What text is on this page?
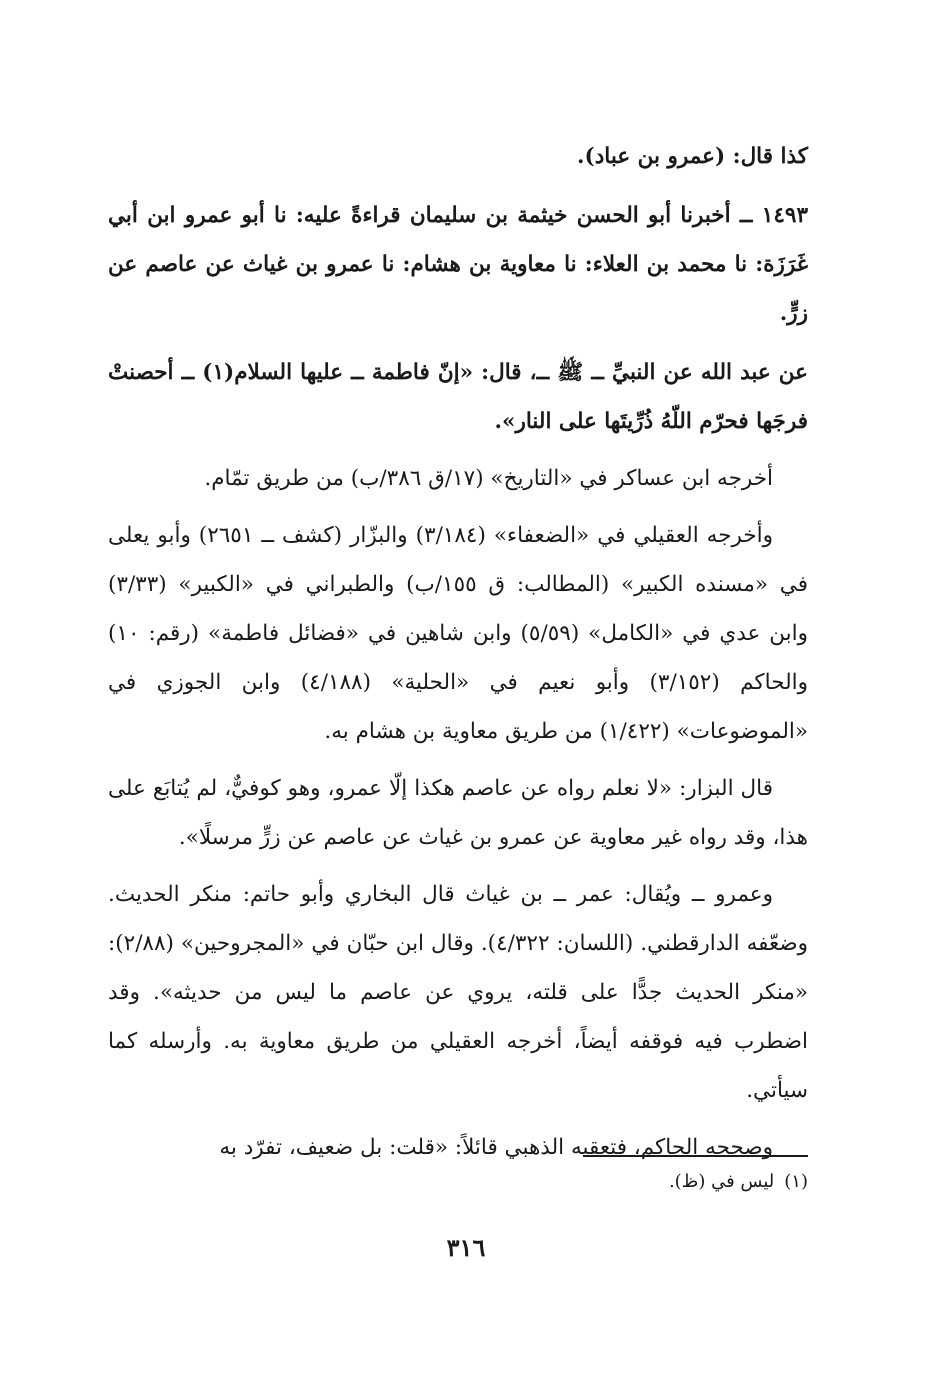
كذا قال: (عمرو بن عباد).

١٤٩٣ ــ أخبرنا أبو الحسن خيثمة بن سليمان قراءةً عليه: نا أبو عمرو ابن أبي غَرَزَة: نا محمد بن العلاء: نا معاوية بن هشام: نا عمرو بن غياث عن عاصم عن زرٍّ.

عن عبد الله عن النبيِّ ــ ﷺ ــ، قال: «إنّ فاطمة ــ عليها السلام(١) ــ أحصنتْ فرجَها فحرّم اللّهُ ذُرِّيتَها على النار».

أخرجه ابن عساكر في «التاريخ» (١٧/ق ٣٨٦/ب) من طريق تمّام.

وأخرجه العقيلي في «الضعفاء» (٣/١٨٤) والبزّار (كشف ــ ٢٦٥١) وأبو يعلى في «مسنده الكبير» (المطالب: ق ١٥٥/ب) والطبراني في «الكبير» (٣/٣٣) وابن عدي في «الكامل» (٥/٥٩) وابن شاهين في «فضائل فاطمة» (رقم: ١٠) والحاكم (٣/١٥٢) وأبو نعيم في «الحلية» (٤/١٨٨) وابن الجوزي في «الموضوعات» (١/٤٢٢) من طريق معاوية بن هشام به.

قال البزار: «لا نعلم رواه عن عاصم هكذا إلّا عمرو، وهو كوفيٌّ، لم يُتابَع على هذا، وقد رواه غير معاوية عن عمرو بن غياث عن عاصم عن زرٍّ مرسلًا».

وعمرو ــ ويُقال: عمر ــ بن غياث قال البخاري وأبو حاتم: منكر الحديث. وضعّفه الدارقطني. (اللسان: ٤/٣٢٢). وقال ابن حبّان في «المجروحين» (٢/٨٨): «منكر الحديث جدًّا على قلته، يروي عن عاصم ما ليس من حديثه». وقد اضطرب فيه فوقفه أيضاً، أخرجه العقيلي من طريق معاوية به. وأرسله كما سيأتي.

وصححه الحاكم، فتعقبه الذهبي قائلاً: «قلت: بل ضعيف، تفرّد به

(١)ليس في (ظ).
٣١٦
